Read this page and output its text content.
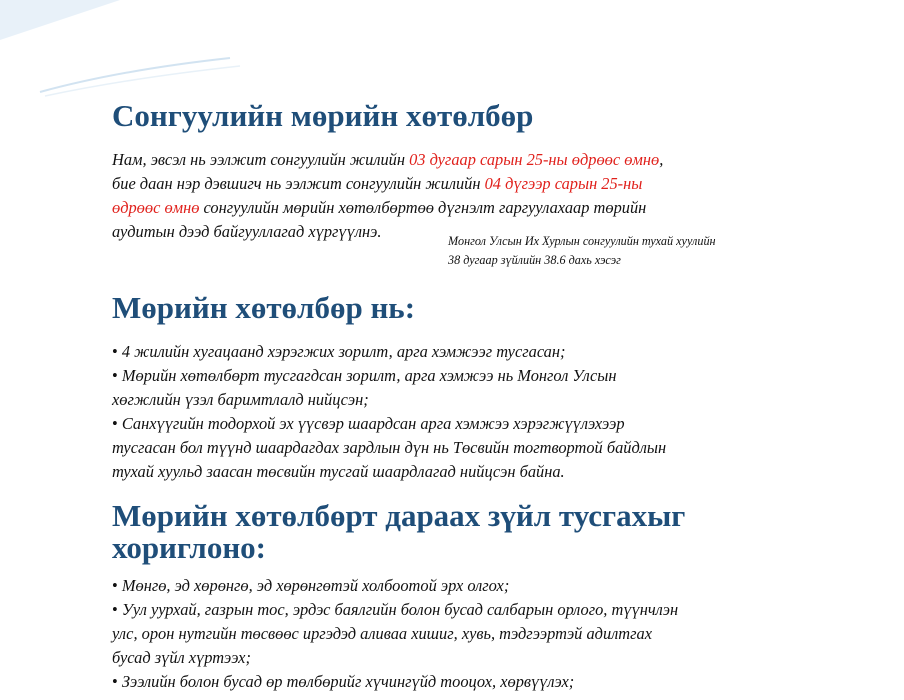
Сонгуулийн мөрийн хөтөлбөр

Нам, эвсэл нь ээлжит сонгуулийн жилийн 03 дугаар сарын 25-ны өдрөөс өмнө,
бие даан нэр дэвшигч нь ээлжит сонгуулийн жилийн 04 дүгээр сарын 25-ны
өдрөөс өмнө сонгуулийн мөрийн хөтөлбөртөө дүгнэлт гаргуулахаар төрийн
аудитын дээд байгууллагад хүргүүлнэ.	Монгол Улсын Их Хурлын сонгуулийн тухай хуулийн
38 дугаар зүйлийн 38.6 дахь хэсэг
Мөрийн хөтөлбөр нь:
• 4 жилийн хугацаанд хэрэгжих зорилт, арга хэмжээг тусгасан;
• Мөрийн хөтөлбөрт тусгагдсан зорилт, арга хэмжээ нь Монгол Улсын
хөгжлийн үзэл баримтлалд нийцсэн;
• Санхүүгийн тодорхой эх үүсвэр шаардсан арга хэмжээ хэрэгжүүлэхээр
тусгасан бол түүнд шаардагдах зардлын дүн нь Төсвийн тогтвортой байдлын
тухай хуульд заасан төсвийн тусгай шаардлагад нийцсэн байна.
Мөрийн хөтөлбөрт дараах зүйл тусгахыг
хориглоно:
• Мөнгө, эд хөрөнгө, эд хөрөнгөтэй холбоотой эрх олгох;
• Уул уурхай, газрын тос, эрдэс баялгийн болон бусад салбарын орлого, түүнчлэн
улс, орон нутгийн төсвөөс иргэдэд аливаа хишиг, хувь, тэдгээртэй адилтгах
бусад зүйл хүртээх;
• Зээлийн болон бусад өр төлбөрийг хүчингүйд тооцох, хөрвүүлэх;
